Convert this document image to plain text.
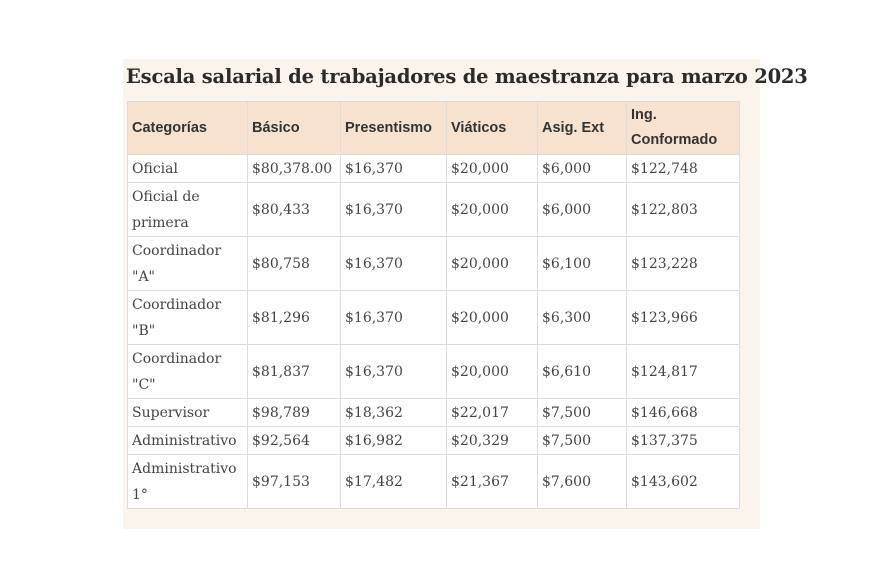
Escala salarial de trabajadores de maestranza para marzo 2023
Categorías	Básico	Presentismo	Viáticos	Asig. Ext	Ing. Conformado
Oficial	$80,378.00	$16,370	$20,000	$6,000	$122,748
Oficial de primera	$80,433	$16,370	$20,000	$6,000	$122,803
Coordinador "A"	$80,758	$16,370	$20,000	$6,100	$123,228
Coordinador "B"	$81,296	$16,370	$20,000	$6,300	$123,966
Coordinador "C"	$81,837	$16,370	$20,000	$6,610	$124,817
Supervisor	$98,789	$18,362	$22,017	$7,500	$146,668
Administrativo	$92,564	$16,982	$20,329	$7,500	$137,375
Administrativo 1°	$97,153	$17,482	$21,367	$7,600	$143,602
